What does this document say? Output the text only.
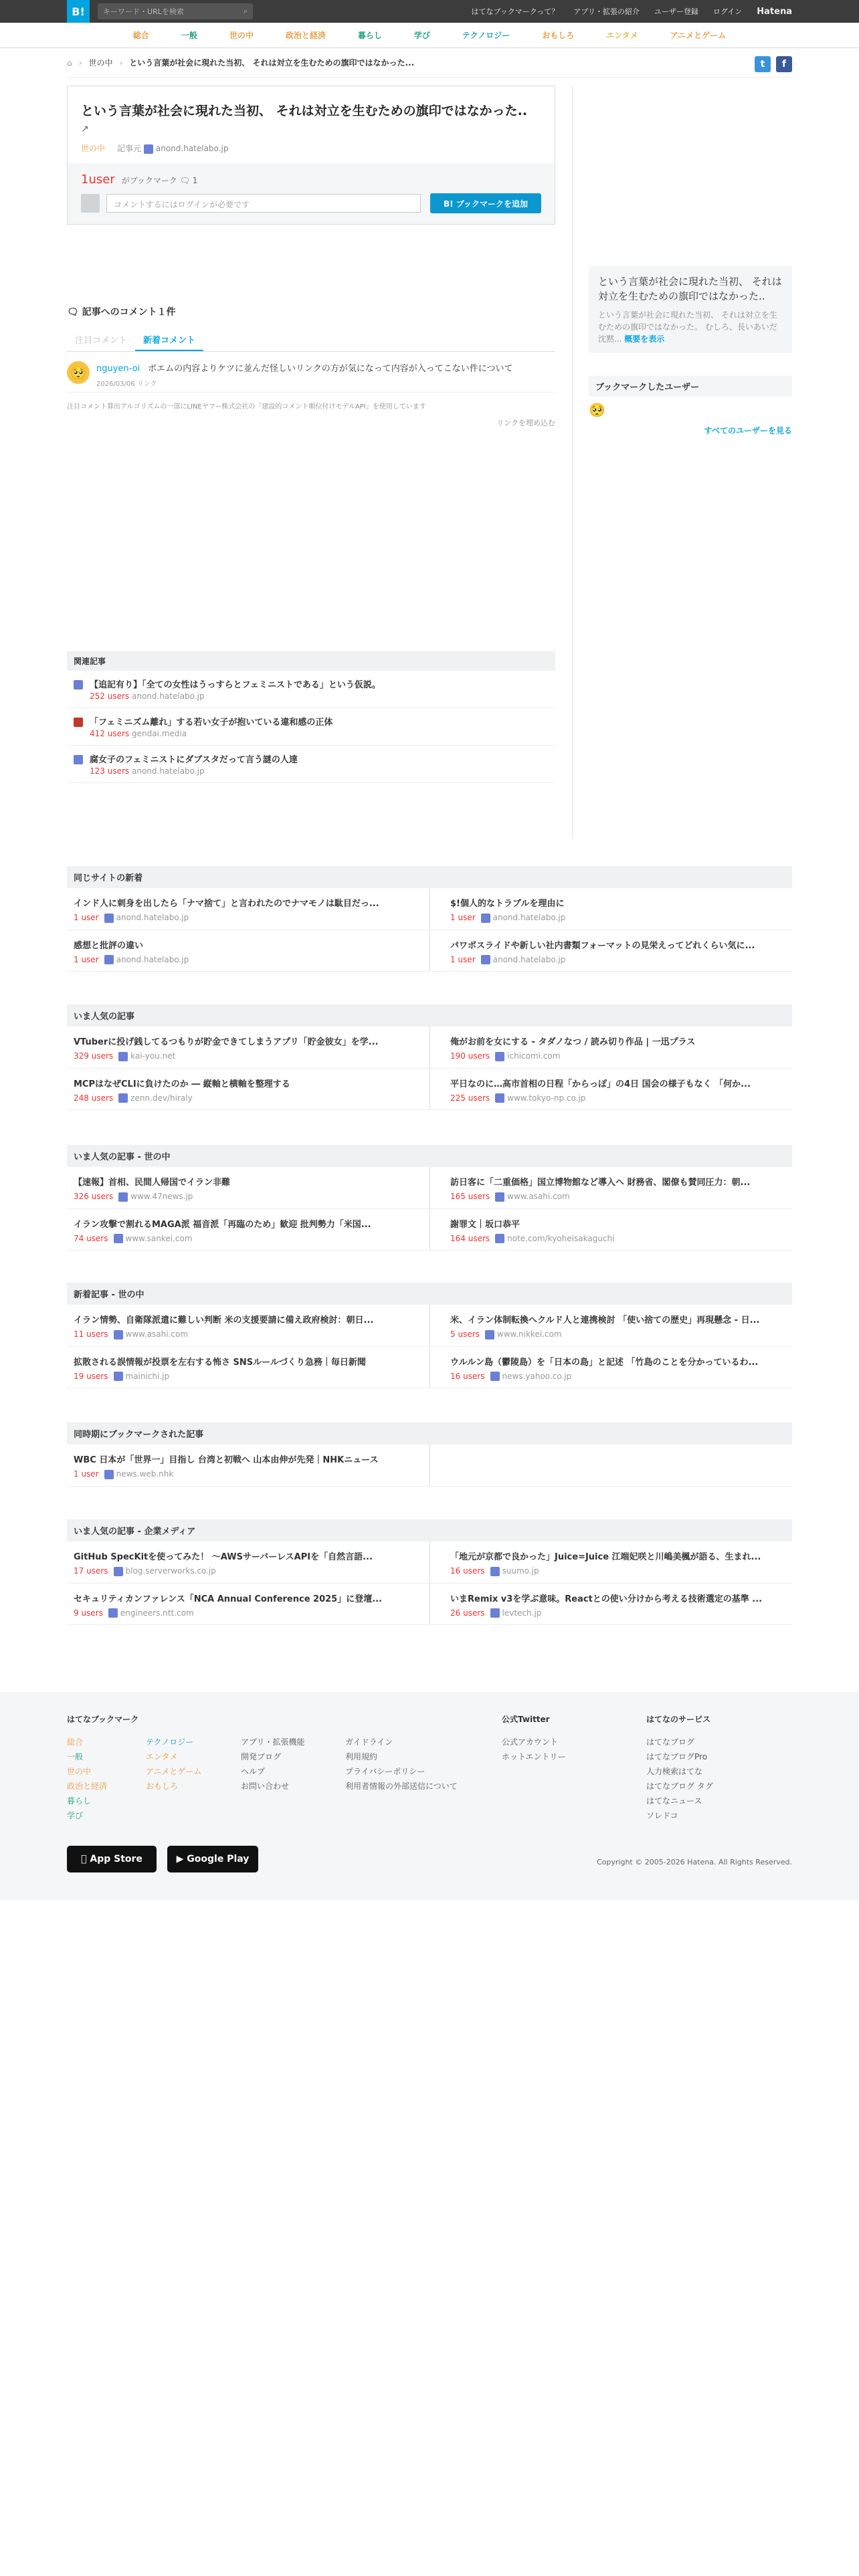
B!	キーワード・URLを検索	⌕	はてなブックマークって？ アプリ・拡張の紹介 ユーザー登録 ログイン Hatena
総合	一般	世の中	政治と経済	暮らし	学び	テクノロジー	おもしろ	エンタメ	アニメとゲーム
⌂ › 世の中 › という言葉が社会に現れた当初、 それは対立を生むための旗印ではなかった...	t	f
という言葉が社会に現れた当初、 それは対立を生むための旗印ではなかった..
↗
世の中 記事元 anond.hatelabo.jp
1user がブックマーク 🗨 1
コメントするにはログインが必要です	B! ブックマークを追加
🗨 記事へのコメント１件
注目コメント	新着コメント
🥺	nguyen-oi ボエムの内容よりケツに並んだ怪しいリンクの方が気になって内容が入ってこない件について
2026/03/06 リンク
注目コメント算出アルゴリズムの一部にLINEヤフー株式会社の「建設的コメント順位付けモデルAPI」を使用しています
リンクを埋め込む
関連記事
【追記有り】「全ての女性はうっすらとフェミニストである」という仮説。
252 users anond.hatelabo.jp
「フェミニズム離れ」する若い女子が抱いている違和感の正体
412 users gendai.media
腐女子のフェミニストにダブスタだって言う謎の人達
123 users anond.hatelabo.jp
という言葉が社会に現れた当初、 それは対立を生むための旗印ではなかった..
という言葉が社会に現れた当初、 それは対立を生むための旗印ではなかった。 むしろ、長いあいだ沈黙... 概要を表示
ブックマークしたユーザー
🥺
すべてのユーザーを見る
同じサイトの新着
インド人に刺身を出したら「ナマ捨て」と言われたのでナマモノは駄目だっ...
1 user anond.hatelabo.jp
$!個人的なトラブルを理由に
1 user anond.hatelabo.jp
感想と批評の違い
1 user anond.hatelabo.jp
パワポスライドや新しい社内書類フォーマットの見栄えってどれくらい気に...
1 user anond.hatelabo.jp
いま人気の記事
VTuberに投げ銭してるつもりが貯金できてしまうアプリ「貯金彼女」を学...
329 users kai-you.net
俺がお前を女にする - タダノなつ / 読み切り作品 | 一迅プラス
190 users ichicomi.com
MCPはなぜCLIに負けたのか ― 縦軸と横軸を整理する
248 users zenn.dev/hiraly
平日なのに…高市首相の日程「からっぽ」の4日 国会の様子もなく 「何か...
225 users www.tokyo-np.co.jp
いま人気の記事 - 世の中
【速報】首相、民間人帰国でイラン非難
326 users www.47news.jp
訪日客に「二重価格」国立博物館など導入へ 財務省、閣僚も賛同圧力：朝...
165 users www.asahi.com
イラン攻撃で割れるMAGA派 福音派「再臨のため」歓迎 批判勢力「米国...
74 users www.sankei.com
謝罪文｜坂口恭平
164 users note.com/kyoheisakaguchi
新着記事 - 世の中
イラン情勢、自衛隊派遣に難しい判断 米の支援要請に備え政府検討：朝日...
11 users www.asahi.com
米、イラン体制転換へクルド人と連携検討 「使い捨ての歴史」再現懸念 - 日...
5 users www.nikkei.com
拡散される誤情報が投票を左右する怖さ SNSルールづくり急務｜毎日新聞
19 users mainichi.jp
ウルルン島（鬱陵島）を「日本の島」と記述 「竹島のことを分かっているわ...
16 users news.yahoo.co.jp
同時期にブックマークされた記事
WBC 日本が「世界一」目指し 台湾と初戦へ 山本由伸が先発｜NHKニュース
1 user news.web.nhk
いま人気の記事 - 企業メディア
GitHub SpecKitを使ってみた！ ～AWSサーバーレスAPIを「自然言語...
17 users blog.serverworks.co.jp
「地元が京都で良かった」Juice=Juice 江端妃咲と川嶋美楓が語る、生まれ...
16 users suumo.jp
セキュリティカンファレンス「NCA Annual Conference 2025」に登壇...
9 users engineers.ntt.com
いまRemix v3を学ぶ意味。Reactとの使い分けから考える技術選定の基準 ...
26 users levtech.jp
はてなブックマーク
総合
一般
世の中
政治と経済
暮らし
学び
テクノロジー
エンタメ
アニメとゲーム
おもしろ
アプリ・拡張機能
開発ブログ
ヘルプ
お問い合わせ
ガイドライン
利用規約
プライバシーポリシー
利用者情報の外部送信について
公式Twitter
公式アカウント
ホットエントリー
はてなのサービス
はてなブログ
はてなブログPro
人力検索はてな
はてなブログ タグ
はてなニュース
ソレドコ

App Store	▶
Google Play	Copyright © 2005-2026 Hatena. All Rights Reserved.
